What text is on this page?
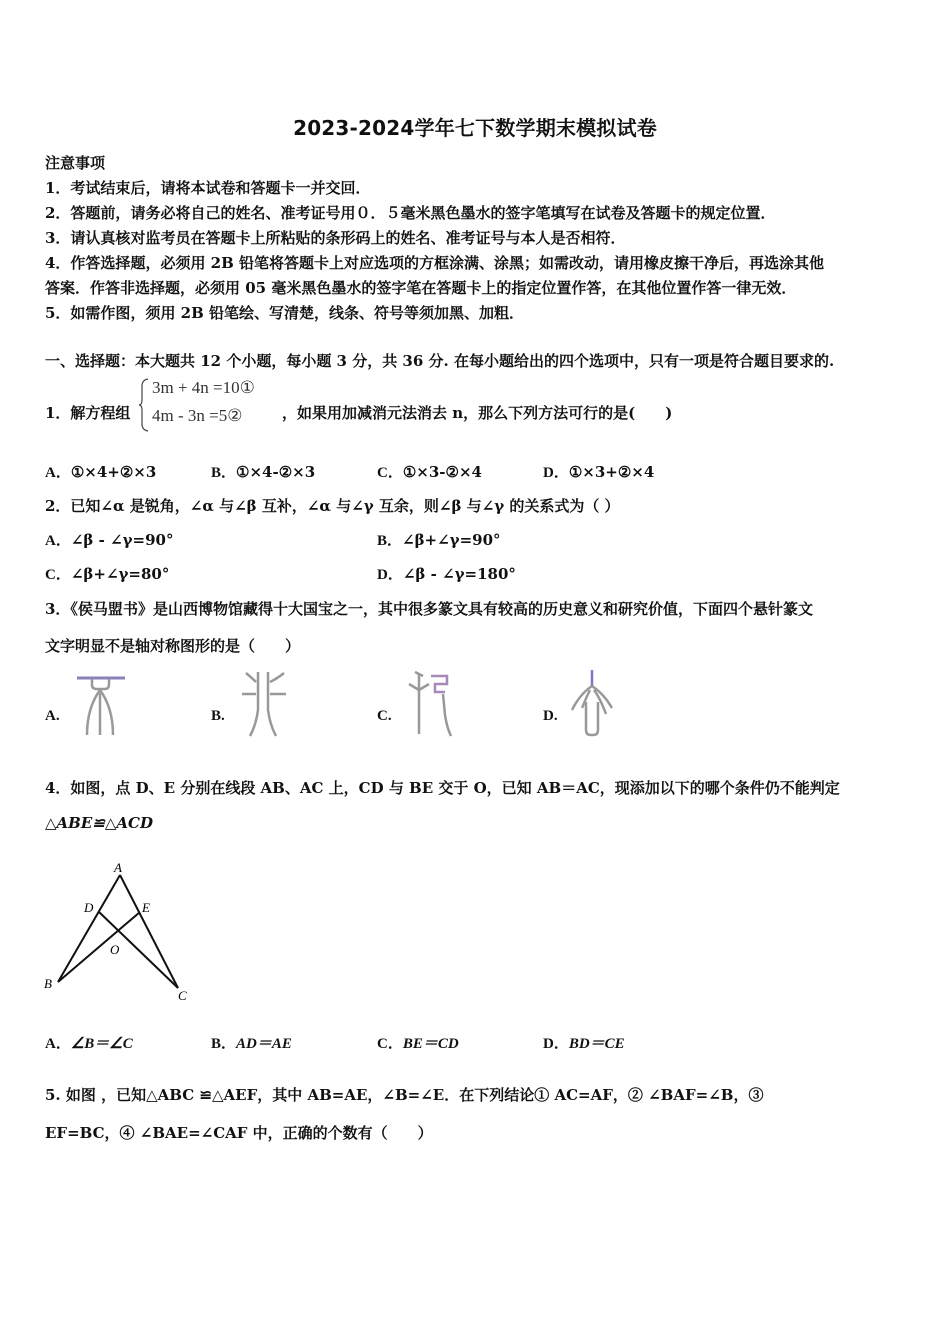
2023-2024学年七下数学期末模拟试卷
注意事项
1．考试结束后，请将本试卷和答题卡一并交回．
2．答题前，请务必将自己的姓名、准考证号用０．５毫米黑色墨水的签字笔填写在试卷及答题卡的规定位置．
3．请认真核对监考员在答题卡上所粘贴的条形码上的姓名、准考证号与本人是否相符．
4．作答选择题，必须用 2B 铅笔将答题卡上对应选项的方框涂满、涂黑；如需改动，请用橡皮擦干净后，再选涂其他
答案．作答非选择题，必须用 05 毫米黑色墨水的签字笔在答题卡上的指定位置作答，在其他位置作答一律无效．
5．如需作图，须用 2B 铅笔绘、写清楚，线条、符号等须加黑、加粗．
一、选择题：本大题共 12 个小题，每小题 3 分，共 36 分. 在每小题给出的四个选项中，只有一项是符合题目要求的.
1．解方程组
3m + 4n =10①
4m - 3n =5②	，如果用加减消元法消去 n，那么下列方法可行的是(　　)
A．①×4+②×3	B．①×4-②×3	C．①×3-②×4	D．①×3+②×4
2．已知∠α 是锐角，∠α 与∠β 互补，∠α 与∠γ 互余，则∠β 与∠γ 的关系式为（ ）
A．∠β - ∠γ=90°	B．∠β+∠γ=90°
C．∠β+∠γ=80°	D．∠β - ∠γ=180°
3．《侯马盟书》是山西博物馆藏得十大国宝之一，其中很多篆文具有较高的历史意义和研究价值，下面四个悬针篆文
文字明显不是轴对称图形的是（　　）
A.	B.	C.	D.
4．如图，点 D、E 分别在线段 AB、AC 上，CD 与 BE 交于 O，已知 AB＝AC，现添加以下的哪个条件仍不能判定
△ABE≌△ACD
A
D	E
O
B
C
A．∠B＝∠C	B．AD＝AE	C．BE＝CD	D．BD＝CE
5. 如图 ，已知△ABC ≌△AEF，其中 AB=AE，∠B=∠E．在下列结论① AC=AF，② ∠BAF=∠B，③
EF=BC，④ ∠BAE=∠CAF 中，正确的个数有（　　）
